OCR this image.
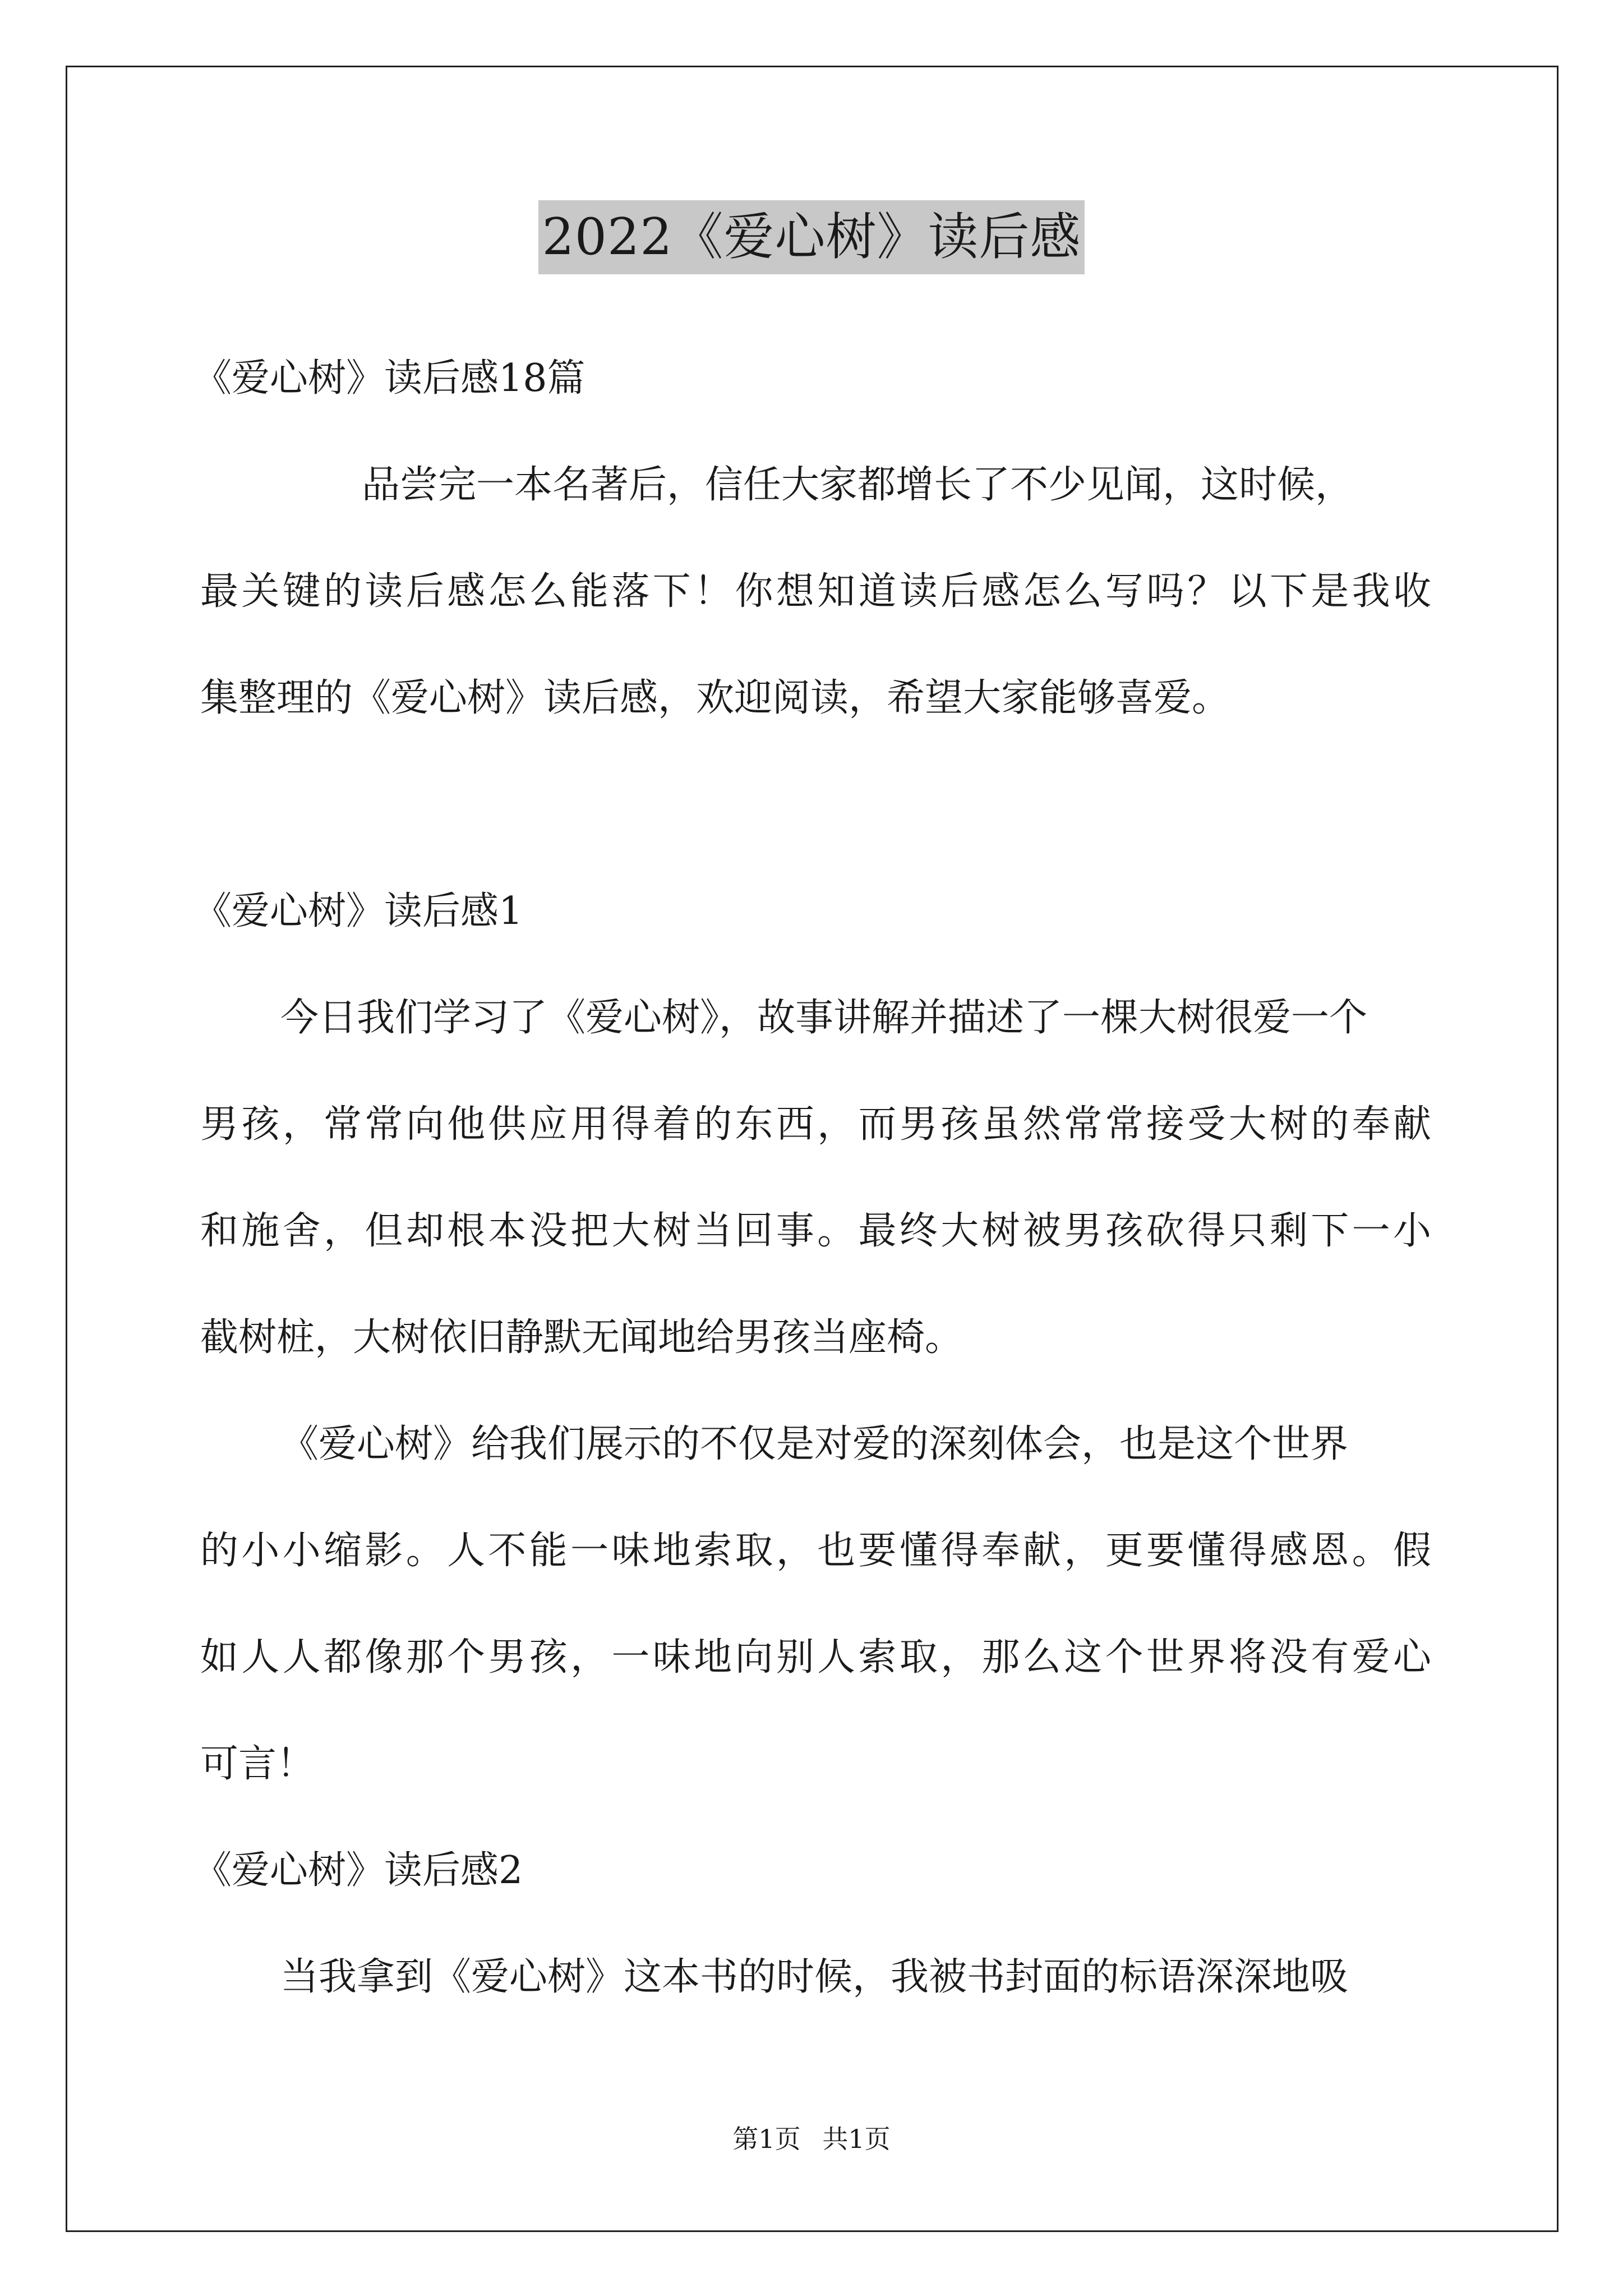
2022《爱心树》读后感
《爱心树》读后感18篇
品尝完一本名著后，信任大家都增长了不少见闻，这时候，
最关键的读后感怎么能落下！你想知道读后感怎么写吗？以下是我收
集整理的《爱心树》读后感，欢迎阅读，希望大家能够喜爱。
《爱心树》读后感1
今日我们学习了《爱心树》，故事讲解并描述了一棵大树很爱一个
男孩，常常向他供应用得着的东西，而男孩虽然常常接受大树的奉献
和施舍，但却根本没把大树当回事。最终大树被男孩砍得只剩下一小
截树桩，大树依旧静默无闻地给男孩当座椅。
《爱心树》给我们展示的不仅是对爱的深刻体会，也是这个世界
的小小缩影。人不能一味地索取，也要懂得奉献，更要懂得感恩。假
如人人都像那个男孩，一味地向别人索取，那么这个世界将没有爱心
可言！
《爱心树》读后感2
当我拿到《爱心树》这本书的时候，我被书封面的标语深深地吸
第1页 共1页
